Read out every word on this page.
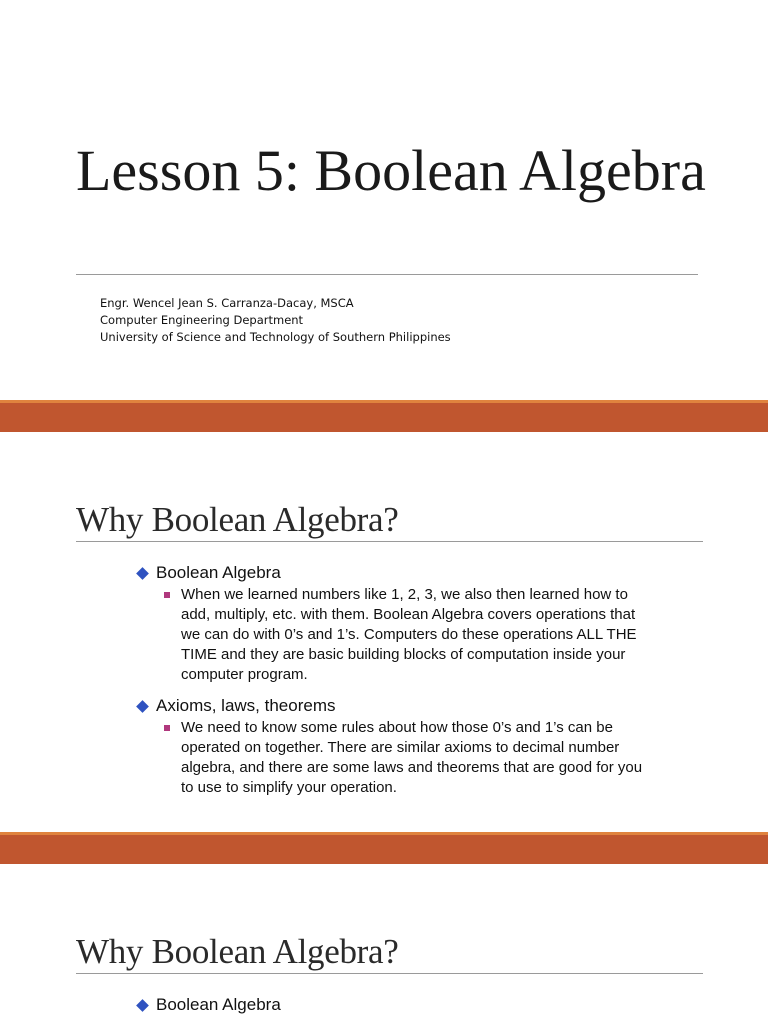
Lesson 5: Boolean Algebra
Engr. Wencel Jean S. Carranza-Dacay, MSCA
Computer Engineering Department
University of Science and Technology of Southern Philippines
Why Boolean Algebra?
Boolean Algebra
When we learned numbers like 1, 2, 3, we also then learned how to add, multiply, etc. with them. Boolean Algebra covers operations that we can do with 0’s and 1’s. Computers do these operations ALL THE TIME and they are basic building blocks of computation inside your computer program.
Axioms, laws, theorems
We need to know some rules about how those 0’s and 1’s can be operated on together. There are similar axioms to decimal number algebra, and there are some laws and theorems that are good for you to use to simplify your operation.
Why Boolean Algebra?
Boolean Algebra
